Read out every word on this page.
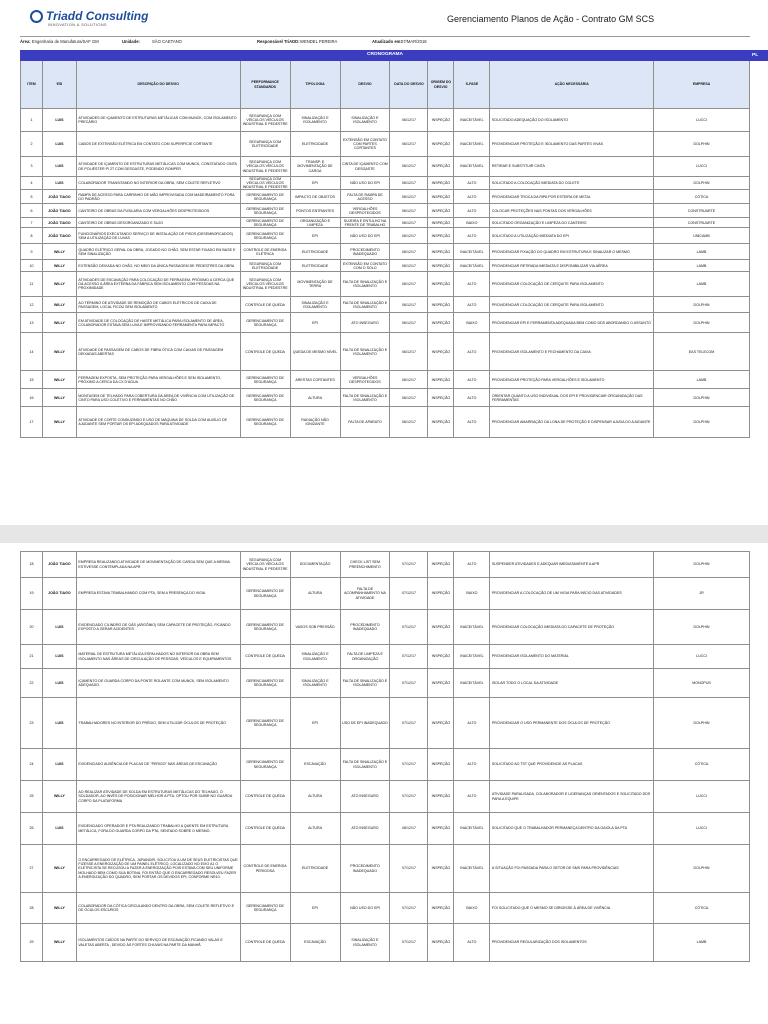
Triadd Consulting
INNOVATION & SOLUTIONS
Gerenciamento Planos de Ação - Contrato GM SCS
Área: Engenharia de Manufatura/SAF GM	Unidade:	SÃO CAETANO	Responsável TriADD: WENDEL PEREIRA	Atualizado em: 07/MAR/2018
CRONOGRAMA										
ITEM	ESI	DESCRIÇÃO DO DESVIO	PERFORMANCE STANDARDS	TIPOLOGIA	DESVIO	DATA DO DESVIO	ORIGEM DO DESVIO	S-FASE	AÇÃO NECESSÁRIA	EMPRESA
1	LUIS	ATIVIDADES DE IÇAMENTO DE ESTRUTURAS METÁLICAS COM MUNCK, COM ISOLAMENTO PRECÁRIO	SEGURANÇA COM VEÍCULOS VEÍCULOS INDUSTRIAL E PEDESTRE	SINALIZAÇÃO E ISOLAMENTO	SINALIZAÇÃO E ISOLAMENTO	06/12/17	INSPEÇÃO	INACEITÁVEL	SOLICITADO ADEQUAÇÃO DO ISOLAMENTO	LUCCI
2	LUIS	CABOS DE EXTENSÃO ELÉTRICA EM CONTATO COM SUPERFÍCIE CORTANTE	SEGURANÇA COM ELETRICIDADE	ELETRICIDADE	EXTENSÃO EM CONTATO COM PARTES CORTANTES	06/12/17	INSPEÇÃO	INACEITÁVEL	PROVIDENCIAR PROTEÇÃO E ISOLAMENTO DAS PARTES VIVAS	DOLPHIN
3	LUIS	ATIVIDADE DE IÇAMENTO DE ESTRUTURAS METÁLICAS COM MUNCK, CONSTATADO CINTA DE POLIÉSTER P/ 2T COM DESGASTE, PODENDO ROMPER	SEGURANÇA COM VEÍCULOS VEÍCULOS INDUSTRIAL E PEDESTRE	TRANSP. E MOVIMENTAÇÃO DE CARGA	CINTA DE IÇAMENTO COM DESGASTE	06/12/17	INSPEÇÃO	INACEITÁVEL	RETIRAR E SUBSTITUIR CINTA	LUCCI
4	LUIS	COLABORADOR TRANSITANDO NO INTERIOR DA OBRA, SEM COLETE REFLETIVO	SEGURANÇA COM VEÍCULOS VEÍCULOS INDUSTRIAL E PEDESTRE	EPI	NÃO USO DO EPI	06/12/17	INSPEÇÃO	ALTO	SOLICITADO A COLOCAÇÃO IMEDIATA DO COLETE	DOLPHIN
5	JOÃO TIAGO	RAMPA DE ACESSO PARA CARRINHO DE MÃO IMPROVISADA COM MADEIRAMENTO FORA DO PADRÃO	GERENCIAMENTO DE SEGURANÇA	IMPACTO DE OBJETOS	FALTA DE RAMPA DE ACESSO	06/12/17	INSPEÇÃO	ALTO	PROVIDENCIAR TROCA DA RIPA POR ESTEIRA DE METAL	CÓTICA
6	JOÃO TIAGO	CANTEIRO DE OBRAS DA FUSILARIA COM VERGALHÕES DESPROTEGIDOS	GERENCIAMENTO DE SEGURANÇA	PONTOS ENTRANTES	VERGALHÕES DESPROTEGIDOS	06/12/17	INSPEÇÃO	ALTO	COLOCAR PROTEÇÕES NAS PONTAS DOS VERGALHÕES	CONSTRUARTE
7	JOÃO TIAGO	CANTEIRO DE OBRAS DESORGANIZADO E SUJO	GERENCIAMENTO DE SEGURANÇA	ORGANIZAÇÃO E LIMPEZA	SUJEIRA E ENTULHO NA FRENTE DE TRABALHO	06/12/17	INSPEÇÃO	BAIXO	SOLICITADO ORGANIZAÇÃO E LIMPEZA DO CANTEIRO	CONSTRUARTE
8	JOÃO TIAGO	FUNCIONÁRIOS EXECUTANDO SERVIÇO DE INSTALAÇÃO DE PISOS (DESEMBORCADOS) SEM A UTILIZAÇÃO DE LUVAS	GERENCIAMENTO DE SEGURANÇA	EPI	NÃO USO DO EPI	06/12/17	INSPEÇÃO	ALTO	SOLICITADO A UTILIZAÇÃO IMEDIATA DO EPI	UNICAMB
9	WILLY	QUADRO ELÉTRICO GERAL DA OBRA, JOGADO NO CHÃO, SEM ESTAR FIXADO EM BASE E SEM SINALIZAÇÃO	CONTROLE DE ENERGIA ELÉTRICA	ELETRICIDADE	PROCEDIMENTO INADEQUADO	06/12/17	INSPEÇÃO	INACEITÁVEL	PROVIDENCIAR FIXAÇÃO DO QUADRO EM ESTRUTURA E SINALIZAR O MESMO	LAMB
10	WILLY	EXTENSÃO DEIXADA NO CHÃO, NO MEIO DA ÚNICA PASSAGEM DE PEDESTRES DA OBRA	SEGURANÇA COM ELETRICIDADE	ELETRICIDADE	EXTENSÃO EM CONTATO COM O SOLO	06/12/17	INSPEÇÃO	INACEITÁVEL	PROVIDENCIAR RETIRADA IMEDIATA E DISPONIBILIZAR VIA AÉREA	LAMB
11	WILLY	ATIVIDADES DE ESCAVAÇÃO PARA COLOCAÇÃO DE FERRAGEM, PRÓXIMO A CERCA QUE DÁ ACESSO A ÁREA EXTERNA DA FÁBRICA SEM ISOLAMENTO COM PESSOAS NA PROXIMIDADE	SEGURANÇA COM VEÍCULOS VEÍCULOS INDUSTRIAL E PEDESTRE	MOVIMENTAÇÃO DE TERRA	FALTA DE SINALIZAÇÃO E ISOLAMENTO	06/12/17	INSPEÇÃO	ALTO	PROVIDENCIAR COLOCAÇÃO DE CERQUITE PARA ISOLAMENTO	LAMB
12	WILLY	AO TÉRMINO DE ATIVIDADE DE REMOÇÃO DE CABOS ELÉTRICOS DE CAIXA DE PASSAGEM, LOCAL FICOU SEM ISOLAMENTO	CONTROLE DE QUEDA	SINALIZAÇÃO E ISOLAMENTO	FALTA DE SINALIZAÇÃO E ISOLAMENTO	06/12/17	INSPEÇÃO	ALTO	PROVIDENCIAR COLOCAÇÃO DE CERQUITE PARA ISOLAMENTO	DOLPHIN
13	WILLY	EM ATIVIDADE DE COLOCAÇÃO DE HASTE METÁLICA PARA ISOLAMENTO DE ÁREA, COLABORADOR ESTAVA SEM LUVA E IMPROVISANDO FERRAMENTA PARA IMPACTO	GERENCIAMENTO DE SEGURANÇA	EPI	ATO INSEGURO	06/12/17	INSPEÇÃO	BAIXO	PROVIDENCIAR EPI E FERRAMENTA ADEQUADA BEM COMO DDS ABORDANDO O ASSUNTO	DOLPHIN
14	WILLY	ATIVIDADE DE PASSAGEM DE CABOS DE FIBRA ÓTICA COM CAIXAS DE PASSAGEM DEIXADAS ABERTAS	CONTROLE DE QUEDA	QUEDA DE MESMO NÍVEL	FALTA DE SINALIZAÇÃO E ISOLAMENTO	06/12/17	INSPEÇÃO	ALTO	PROVIDENCIAR ISOLAMENTO E FECHAMENTO DA CAIXA	EAS TELECOM
15	WILLY	FERRAGEM EXPOSTA, SEM PROTEÇÃO PARA VERGALHÕES E SEM ISOLAMENTO, PRÓXIMO A CERCA DA CX D'ÁGUA	GERENCIAMENTO DE SEGURANÇA	ARESTAS CORTANTES	VERGALHÕES DESPROTEGIDOS	06/12/17	INSPEÇÃO	ALTO	PROVIDENCIAR PROTEÇÃO PARA VERGALHÕES E ISOLAMENTO	LAMB
16	WILLY	MONTAGEM DE TELHADO PARA COBERTURA DA ÁREA DE VIVÊNCIA COM UTILIZAÇÃO DE CINTO PARA USO COLETIVO E FERRAMENTAS NO CHÃO	GERENCIAMENTO DE SEGURANÇA	ALTURA	FALTA DE SINALIZAÇÃO E ISOLAMENTO	06/12/17	INSPEÇÃO	ALTO	ORIENTAR QUANTO A USO INDIVIDUAL DOS EPI E PROVIDENCIAR ORGANIZAÇÃO DAS FERRAMENTAS	DOLPHIN
17	WILLY	ATIVIDADE DE CORTE CONDUZINDO E USO DE MÁQUINA DE SOLDA COM AUXÍLIO DE AJUDANTE SEM PORTAR OS EPI ADEQUADOS PARA ATIVIDADE	GERENCIAMENTO DE SEGURANÇA	RADIAÇÃO NÃO IONIZANTE	FALTA DE APARATO	06/12/17	INSPEÇÃO	ALTO	PROVIDENCIAR AMARRAÇÃO DA LONA DE PROTEÇÃO E DISPENSAR AJUDA DO AJUDANTE	DOLPHIN
PL
18	JOÃO TIAGO	EMPRESA REALIZANDO ATIVIDADE DE MOVIMENTAÇÃO DE CARGA SEM QUE A MESMA ESTIVESSE CONTEMPLADA NA APR	SEGURANÇA COM VEÍCULOS VEÍCULOS INDUSTRIAL E PEDESTRE	DOCUMENTAÇÃO	CHECK LIST SEM PREENCHIMENTO	07/12/17	INSPEÇÃO	ALTO	SUSPENDER ATIVIDADES E ADEQUAR IMEDIATAMENTE A APR	DOLPHIN
19	JOÃO TIAGO	EMPRESA ESTAVA TRABALHANDO COM PTA, SEM A PRESENÇA DO VIGIA	GERENCIAMENTO DE SEGURANÇA	ALTURA	FALTA DE ACOMPANHAMENTO NA ATIVIDADE	07/12/17	INSPEÇÃO	BAIXO	PROVIDENCIAR A COLOCAÇÃO DE UM VIGIA PARA INÍCIO DAS ATIVIDADES	JR
20	LUIS	EVIDENCIADO CILINDRO DE GÁS (ARGÔNIO) SEM CAPACETE DE PROTEÇÃO, FICANDO EXPOSTO A GERAR ACIDENTES	GERENCIAMENTO DE SEGURANÇA	VASOS SOB PRESSÃO	PROCEDIMENTO INADEQUADO	07/12/17	INSPEÇÃO	INACEITÁVEL	PROVIDENCIAR COLOCAÇÃO IMEDIATA DO CAPACETE DE PROTEÇÃO	DOLPHIN
21	LUIS	MATERIAL DE ESTRUTURA METÁLICA ESPALHADOS NO INTERIOR DA OBRA SEM ISOLAMENTO NAS ÁREAS DE CIRCULAÇÃO DE PESSOAS, VEÍCULOS E EQUIPAMENTOS	CONTROLE DE QUEDA	SINALIZAÇÃO E ISOLAMENTO	FALTA DE LIMPEZA E ORGANIZAÇÃO	07/12/17	INSPEÇÃO	INACEITÁVEL	PROVIDENCIAR ISOLAMENTO DO MATERIAL	LUCCI
22	LUIS	IÇAMENTO DE GUARDA CORPO DA PONTE ROLANTE COM MUNCK, SEM ISOLAMENTO ADEQUADO.	GERENCIAMENTO DE SEGURANÇA	SINALIZAÇÃO E ISOLAMENTO	FALTA DE SINALIZAÇÃO E ISOLAMENTO	07/12/17	INSPEÇÃO	INACEITÁVEL	ISOLAR TODO O LOCAL DA ATIVIDADE	MONOPUS
23	LUIS	TRABALHADORES NO INTERIOR DO PRÉDIO, SEM UTILIZAR ÓCULOS DE PROTEÇÃO	GERENCIAMENTO DE SEGURANÇA	EPI	USO DE EPI INADEQUADO	07/12/17	INSPEÇÃO	ALTO	PROVIDENCIAR O USO PERMANENTE DOS ÓCULOS DE PROTEÇÃO	DOLPHIN
24	LUIS	EVIDENCIADO AUSÊNCIA DE PLACAS DE "PERIGO" NAS ÁREAS DE ESCAVAÇÃO	GERENCIAMENTO DE SEGURANÇA	ESCAVAÇÃO	FALTA DE SINALIZAÇÃO E ISOLAMENTO	07/12/17	INSPEÇÃO	ALTO	SOLICITADO AO TST QUE PROVIDENCIE AS PLACAS	CÓTICA
25	WILLY	AO REALIZAR ATIVIDADE DE SOLDA EM ESTRUTURAS METÁLICAS DO TELHADO, O SOLDADOR, AO INVÉS DE POSICIONAR MELHOR A PTA, OPTOU POR SUBIR NO GUARDA CORPO DA PLATAFORMA	CONTROLE DE QUEDA	ALTURA	ATO INSEGURO	07/12/17	INSPEÇÃO	ALTO	ATIVIDADE PARALISADA, COLABORADOR E LIDERANÇAS ORIENTADOS E SOLICITADO DDS PARA A EQUIPE	LUCCI
26	LUIS	EVIDENCIADO OPERADOR E PTA REALIZANDO TRABALHO A QUENTE EM ESTRUTURA METÁLICA, FORA DO GUARDA CORPO DA PTA, SENTADO SOBRE O MESMO.	CONTROLE DE QUEDA	ALTURA	ATO INSEGURO	08/12/17	INSPEÇÃO	INACEITÁVEL	SOLICITADO QUE O TRABALHADOR PERMANEÇA DENTRO DA GAIOLA DA PTA	LUCCI
27	WILLY	O ENCARREGADO DE ELÉTRICA, JURANDIR, SOLICITOU A UM DE SEUS ELETRICISTAS QUE FIZESSE A ENERGIZAÇÃO DE UM PAINEL ELÉTRICO, LOCALIZADO NO EIXO A1 O ELETRICISTA SE RECUSOU A FAZER A ENERGIZAÇÃO POIS ESTAVA COM SEU UNIFORME MOLHADO BEM COMO SUA BOTINA, FOI ENTÃO QUE O ENCARREGADO RESOLVEU FAZER A ENERGIZAÇÃO DO QUADRO, SEM PORTAR OS DEVIDOS EPI, CONFORME NR10.	CONTROLE DE ENERGIA PERIGOSA	ELETRICIDADE	PROCEDIMENTO INADEQUADO	07/12/17	INSPEÇÃO	INACEITÁVEL	A SITUAÇÃO FOI PASSADA PARA O SETOR DE SMS PARA PROVIDÊNCIAS	DOLPHIN
28	WILLY	COLABORADOR DA CÓTICA CIRCULANDO DENTRO DA OBRA, SEM COLETE REFLETIVO E DE ÓCULOS ESCUROS	GERENCIAMENTO DE SEGURANÇA	EPI	NÃO USO DO EPI	07/12/17	INSPEÇÃO	BAIXO	FOI SOLICITADO QUE O MESMO SE DIRIGISSE À ÁREA DE VIVÊNCIA	CÓTICA
29	WILLY	ISOLAMENTOS CAÍDOS NA PARTE DO SERVIÇO DE ESCAVAÇÃO,FICANDO VALAS E VALETAS ABERTA , DEVIDO ÀS FORTES CHUVAS NA PARTE DA MANHÃ	CONTROLE DE QUEDA	ESCAVAÇÃO	SINALIZAÇÃO E ISOLAMENTO	07/12/17	INSPEÇÃO	ALTO	PROVIDENCIAR REGULARIZAÇÃO DOS ISOLAMENTOS	LAMB
